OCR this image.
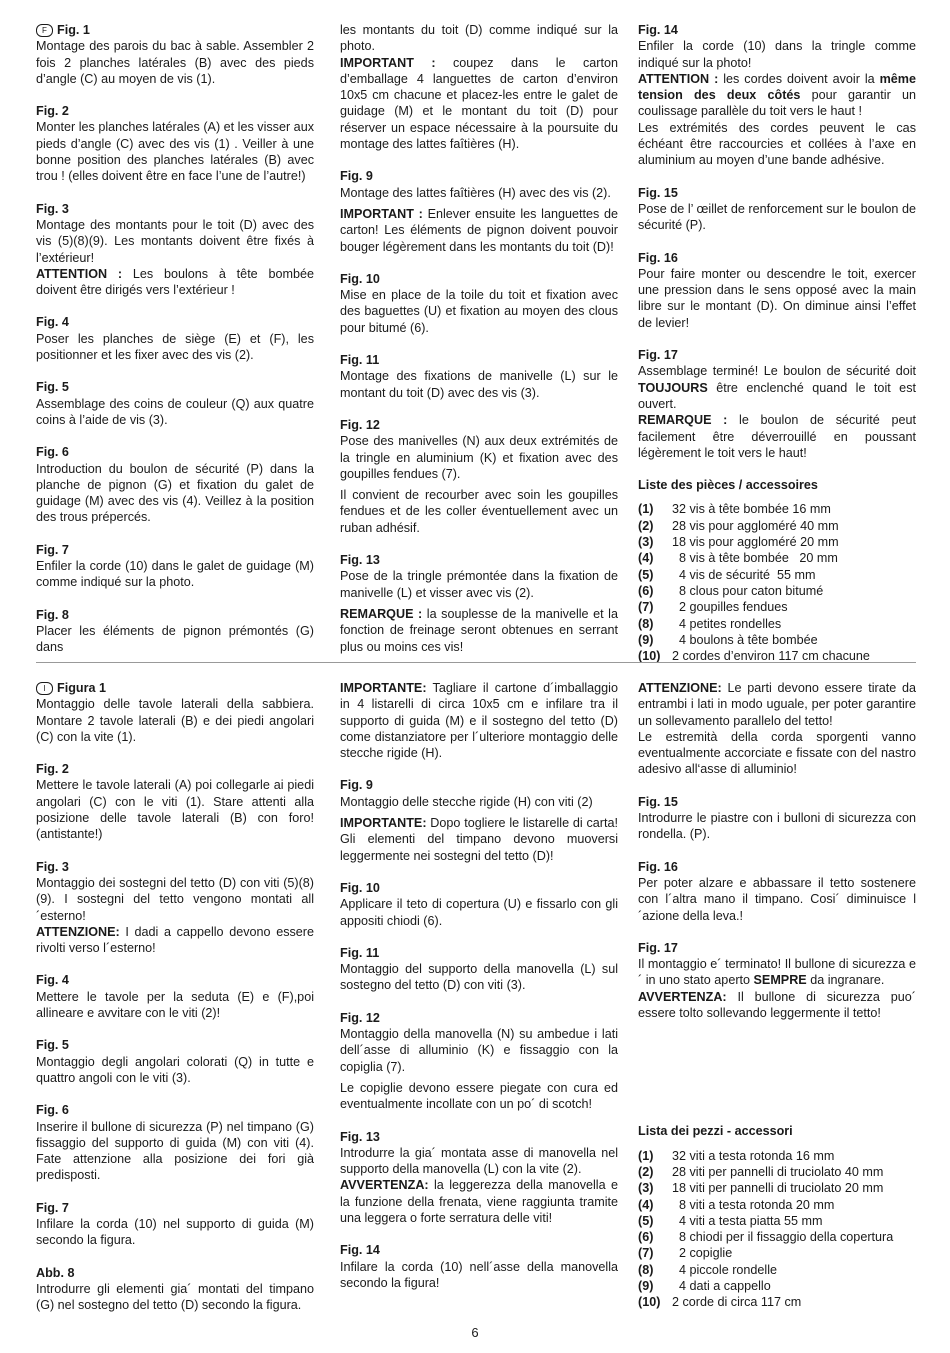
F Fig. 1

Montage des parois du bac à sable. Assembler 2 fois 2 planches latérales (B) avec des pieds d’angle (C) au moyen de vis (1).

Fig. 2

Monter les planches latérales (A) et les visser aux pieds d’angle (C) avec des vis (1) . Veiller à une bonne position des planches latérales (B) avec trou ! (elles doivent être en face l’une de l’autre!)

Fig. 3

Montage des montants pour le toit (D) avec des vis (5)(8)(9). Les montants doivent être fixés à l’extérieur!

ATTENTION : Les boulons à tête bombée doivent être dirigés vers l’extérieur !

Fig. 4

Poser les planches de siège (E) et (F), les positionner et les fixer avec des vis (2).

Fig. 5

Assemblage des coins de couleur (Q) aux quatre coins à l’aide de vis (3).

Fig. 6

Introduction du boulon de sécurité (P) dans la planche de pignon (G) et fixation du galet de guidage (M) avec des vis (4). Veillez à la position des trous prépercés.

Fig. 7

Enfiler la corde (10) dans le galet de guidage (M) comme indiqué sur la photo.

Fig. 8

Placer les éléments de pignon prémontés (G) dans

les montants du toit (D) comme indiqué sur la photo.

IMPORTANT : coupez dans le carton d’emballage 4 languettes de carton d’environ 10x5 cm chacune et placez-les entre le galet de guidage (M) et le montant du toit (D) pour réserver un espace nécessaire à la poursuite du montage des lattes faîtières (H).

Fig. 9

Montage des lattes faîtières (H) avec des vis (2).

IMPORTANT : Enlever ensuite les languettes de carton! Les éléments de pignon doivent pouvoir bouger légèrement dans les montants du toit (D)!

Fig. 10

Mise en place de la toile du toit et fixation avec des baguettes (U) et fixation au moyen des clous pour bitumé (6).

Fig. 11

Montage des fixations de manivelle (L) sur le montant du toit (D) avec des vis (3).

Fig. 12

Pose des manivelles (N) aux deux extrémités de la tringle en aluminium (K) et fixation avec des goupilles fendues (7).

Il convient de recourber avec soin les goupilles fendues et de les coller éventuellement avec un ruban adhésif.

Fig. 13

Pose de la tringle prémontée dans la fixation de manivelle (L) et visser avec vis (2).

REMARQUE : la souplesse de la manivelle et la fonction de freinage seront obtenues en serrant plus ou moins ces vis!

Fig. 14

Enfiler la corde (10) dans la tringle comme indiqué sur la photo!

ATTENTION : les cordes doivent avoir la même tension des deux côtés pour garantir un coulissage parallèle du toit vers le haut !

Les extrémités des cordes peuvent le cas échéant être raccourcies et collées à l’axe en aluminium au moyen d’une bande adhésive.

Fig. 15

Pose de l’ œillet de renforcement sur le boulon de sécurité (P).

Fig. 16

Pour faire monter ou descendre le toit, exercer une pression dans le sens opposé avec la main libre sur le montant (D). On diminue ainsi l’effet de levier!

Fig. 17

Assemblage terminé! Le boulon de sécurité doit TOUJOURS être enclenché quand le toit est ouvert.

REMARQUE : le boulon de sécurité peut facilement être déverrouillé en poussant légèrement le toit vers le haut!

Liste des pièces / accessoires
(1)	32 vis à tête bombée 16 mm
(2)	28 vis pour aggloméré 40 mm
(3)	18 vis pour aggloméré 20 mm
(4)	8 vis à tête bombée   20 mm
(5)	4 vis de sécurité  55 mm
(6)	8 clous pour caton bitumé
(7)	2 goupilles fendues
(8)	4 petites rondelles
(9)	4 boulons à tête bombée
(10) 2 cordes d’environ 117 cm chacune
I Figura 1

Montaggio delle tavole laterali della sabbiera. Montare 2 tavole laterali (B) e dei piedi angolari (C) con la vite (1).

Fig. 2

Mettere le tavole laterali (A) poi collegarle ai piedi angolari (C) con le viti (1). Stare attenti alla posizione delle tavole laterali (B) con foro! (antistante!)

Fig. 3

Montaggio dei sostegni del tetto (D) con viti (5)(8)(9). I sostegni del tetto vengono montati all´esterno!

ATTENZIONE: I dadi a cappello devono essere rivolti verso l´esterno!

Fig. 4

Mettere le tavole per la seduta (E) e (F),poi allineare e avvitare con le viti (2)!

Fig. 5

Montaggio degli angolari colorati (Q) in tutte e quattro angoli con le viti (3).

Fig. 6

Inserire il bullone di sicurezza (P) nel timpano (G) fissaggio del supporto di guida (M) con viti (4). Fate attenzione alla posizione dei fori già predisposti.

Fig. 7

Infilare la corda (10) nel supporto di guida (M) secondo la figura.

Abb. 8

Introdurre gli elementi gia´ montati del timpano (G) nel sostegno del tetto (D) secondo la figura.

IMPORTANTE: Tagliare il cartone d´imballaggio in 4 listarelli di circa 10x5 cm e infilare tra il supporto di guida (M) e il sostegno del tetto (D) come distanziatore per l´ulteriore montaggio delle stecche rigide (H).

Fig. 9

Montaggio delle stecche rigide (H) con viti (2)

IMPORTANTE: Dopo togliere le listarelle di carta! Gli elementi del timpano devono muoversi leggermente nei sostegni del tetto (D)!

Fig. 10

Applicare il teto di copertura (U) e fissarlo con gli appositi chiodi (6).

Fig. 11

Montaggio del supporto della manovella (L) sul sostegno del tetto (D) con viti (3).

Fig. 12

Montaggio della manovella (N) su ambedue i lati dell´asse di alluminio (K) e fissaggio con la copiglia (7).

Le copiglie devono essere piegate con cura ed eventualmente incollate con un po´ di scotch!

Fig. 13

Introdurre la gia´ montata asse di manovella nel supporto della manovella (L) con la vite (2).

AVVERTENZA: la leggerezza della manovella e la funzione della frenata, viene raggiunta tramite una leggera o forte serratura delle viti!

Fig. 14

Infilare la corda (10) nell´asse della manovella secondo la figura!

ATTENZIONE: Le parti devono essere tirate da entrambi i lati in modo uguale, per poter garantire un sollevamento parallelo del tetto!

Le estremità della corda sporgenti vanno eventualmente accorciate e fissate con del nastro adesivo all‘asse di alluminio!

Fig. 15

Introdurre le piastre con i bulloni di sicurezza con rondella. (P).

Fig. 16

Per poter alzare e abbassare il tetto sostenere con l´altra mano il timpano. Cosi´ diminuisce l´azione della leva.!

Fig. 17

Il montaggio e´ terminato! Il bullone di sicurezza e´ in uno stato aperto SEMPRE da ingranare.

AVVERTENZA: Il bullone di sicurezza puo´ essere tolto sollevando leggermente il tetto!

Lista dei pezzi - accessori
(1)	32 viti a testa rotonda 16 mm
(2)	28 viti per pannelli di truciolato 40 mm
(3)	18 viti per pannelli di truciolato 20 mm
(4)	8 viti a testa rotonda 20 mm
(5)	4 viti a testa piatta 55 mm
(6)	8 chiodi per il fissaggio della copertura
(7)	2 copiglie
(8)	4 piccole rondelle
(9)	4 dati a cappello
(10) 2 corde di circa 117 cm
6
